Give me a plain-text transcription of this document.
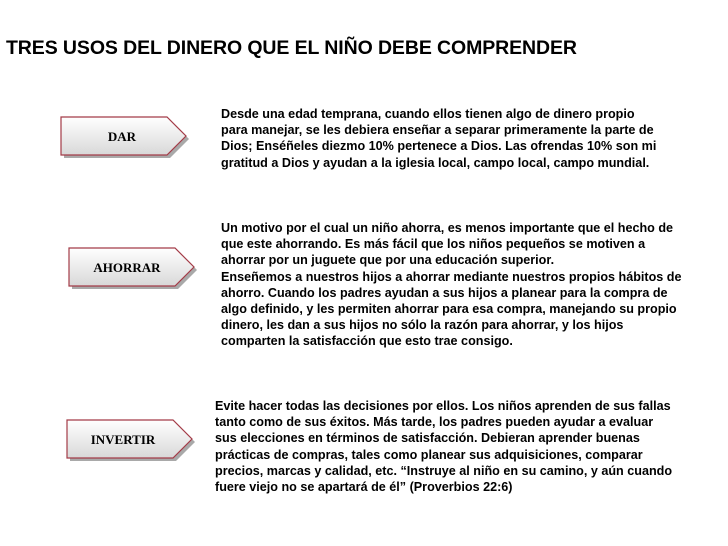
TRES USOS DEL DINERO QUE EL NIÑO DEBE COMPRENDER
DAR

Desde una edad temprana, cuando ellos tienen algo de dinero propio para manejar, se les debiera enseñar a separar primeramente la parte de Dios; Enséñeles diezmo 10% pertenece a Dios. Las ofrendas 10% son mi gratitud a Dios y ayudan a la iglesia local, campo local, campo mundial.

AHORRAR

Un motivo por el cual un niño ahorra, es menos importante que el hecho de que este ahorrando. Es más fácil que los niños pequeños se motiven a ahorrar por un juguete que por una educación superior.

Enseñemos a nuestros hijos a ahorrar mediante nuestros propios hábitos de ahorro. Cuando los padres ayudan a sus hijos a planear para la compra de algo definido, y les permiten ahorrar para esa compra, manejando su propio dinero, les dan a sus hijos no sólo la razón para ahorrar, y los hijos comparten la satisfacción que esto trae consigo.

INVERTIR

Evite hacer todas las decisiones por ellos. Los niños aprenden de sus fallas tanto como de sus éxitos. Más tarde, los padres pueden ayudar a evaluar sus elecciones en términos de satisfacción. Debieran aprender buenas prácticas de compras, tales como planear sus adquisiciones, comparar precios, marcas y calidad, etc. “Instruye al niño en su camino, y aún cuando fuere viejo no se apartará de él” (Proverbios 22:6)
